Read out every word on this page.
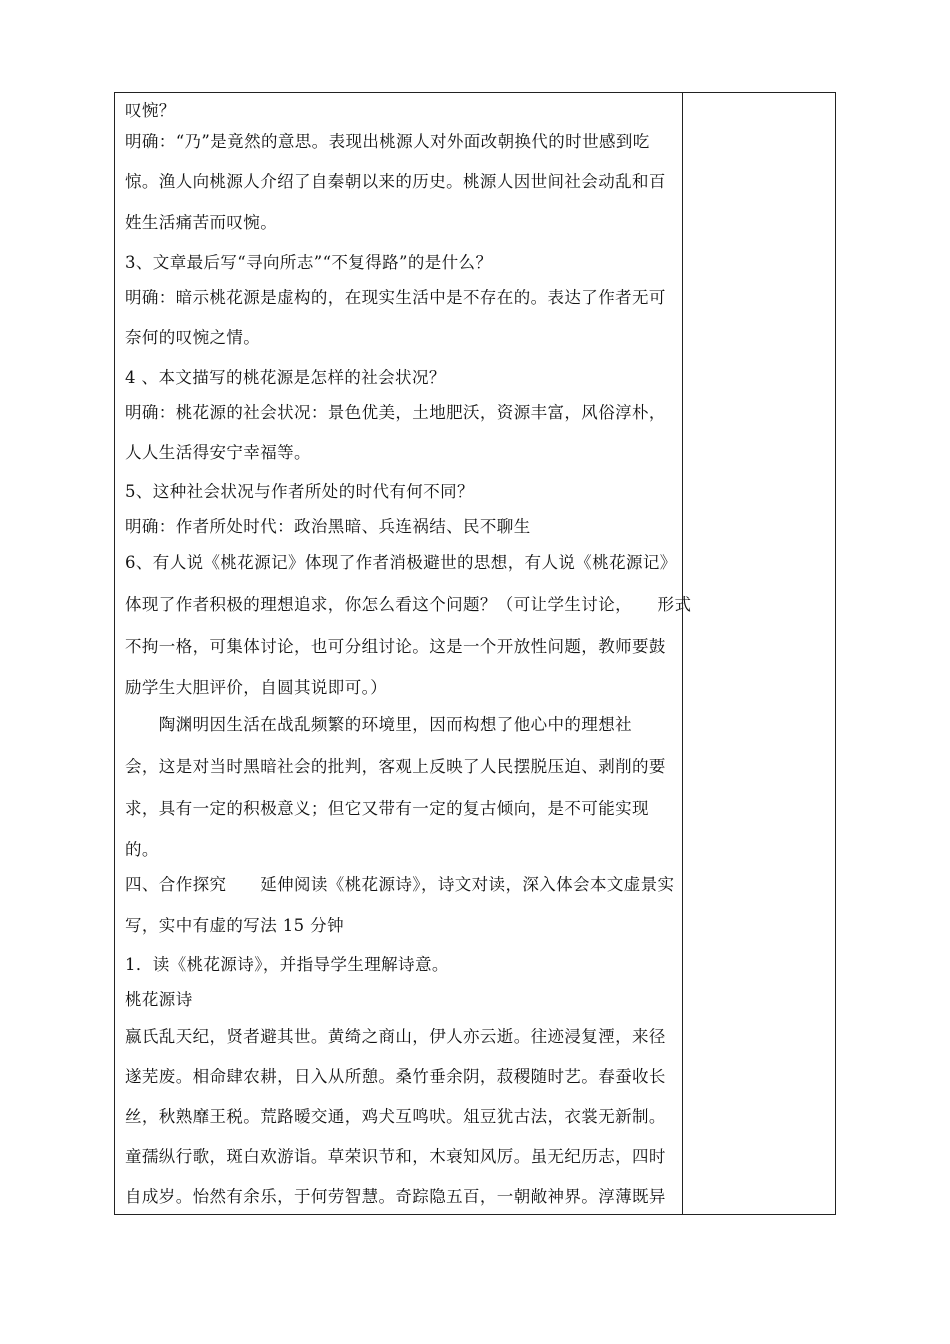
叹惋？
明确：“乃”是竟然的意思。表现出桃源人对外面改朝换代的时世感到吃
惊。渔人向桃源人介绍了自秦朝以来的历史。桃源人因世间社会动乱和百
姓生活痛苦而叹惋。
3、文章最后写“寻向所志”“不复得路”的是什么？
明确：暗示桃花源是虚构的，在现实生活中是不存在的。表达了作者无可
奈何的叹惋之情。
4 、本文描写的桃花源是怎样的社会状况？
明确：桃花源的社会状况：景色优美，土地肥沃，资源丰富，风俗淳朴，
人人生活得安宁幸福等。
5、这种社会状况与作者所处的时代有何不同？
明确：作者所处时代：政治黑暗、兵连祸结、民不聊生
6、有人说《桃花源记》体现了作者消极避世的思想，有人说《桃花源记》
体现了作者积极的理想追求，你怎么看这个问题？（可让学生讨论，　　形式
不拘一格，可集体讨论，也可分组讨论。这是一个开放性问题，教师要鼓
励学生大胆评价，自圆其说即可。）
　　陶渊明因生活在战乱频繁的环境里，因而构想了他心中的理想社
会，这是对当时黑暗社会的批判，客观上反映了人民摆脱压迫、剥削的要
求，具有一定的积极意义；但它又带有一定的复古倾向，是不可能实现
的。
四、合作探究　　延伸阅读《桃花源诗》，诗文对读，深入体会本文虚景实
写，实中有虚的写法 15 分钟
1．读《桃花源诗》，并指导学生理解诗意。
桃花源诗
嬴氏乱天纪，贤者避其世。黄绮之商山，伊人亦云逝。往迹浸复湮，来径
遂芜废。相命肆农耕，日入从所憩。桑竹垂余阴，菽稷随时艺。春蚕收长
丝，秋熟靡王税。荒路暧交通，鸡犬互鸣吠。俎豆犹古法，衣裳无新制。
童孺纵行歌，斑白欢游诣。草荣识节和，木衰知风厉。虽无纪历志，四时
自成岁。怡然有余乐，于何劳智慧。奇踪隐五百，一朝敞神界。淳薄既异
